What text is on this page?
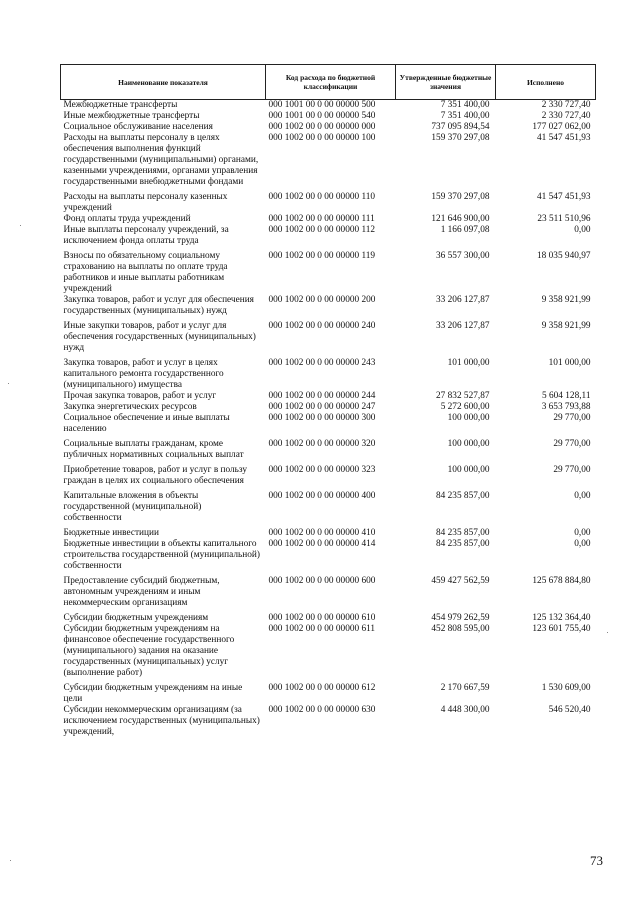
Наименование показателя	Код расхода по бюджетной классификации	Утвержденные бюджетные значения	Исполнено
Межбюджетные трансферты	000 1001 00 0 00 00000 500	7 351 400,00	2 330 727,40
Иные межбюджетные трансферты	000 1001 00 0 00 00000 540	7 351 400,00	2 330 727,40
Социальное обслуживание населения	000 1002 00 0 00 00000 000	737 095 894,54	177 027 062,00
Расходы на выплаты персоналу в целях обеспечения выполнения функций государственными (муниципальными) органами, казенными учреждениями, органами управления государственными внебюджетными фондами	000 1002 00 0 00 00000 100	159 370 297,08	41 547 451,93
Расходы на выплаты персоналу казенных учреждений	000 1002 00 0 00 00000 110	159 370 297,08	41 547 451,93
Фонд оплаты труда учреждений	000 1002 00 0 00 00000 111	121 646 900,00	23 511 510,96
Иные выплаты персоналу учреждений, за исключением фонда оплаты труда	000 1002 00 0 00 00000 112	1 166 097,08	0,00
Взносы по обязательному социальному страхованию на выплаты по оплате труда работников и иные выплаты работникам учреждений	000 1002 00 0 00 00000 119	36 557 300,00	18 035 940,97
Закупка товаров, работ и услуг для обеспечения государственных (муниципальных) нужд	000 1002 00 0 00 00000 200	33 206 127,87	9 358 921,99
Иные закупки товаров, работ и услуг для обеспечения государственных (муниципальных) нужд	000 1002 00 0 00 00000 240	33 206 127,87	9 358 921,99
Закупка товаров, работ и услуг в целях капитального ремонта государственного (муниципального) имущества	000 1002 00 0 00 00000 243	101 000,00	101 000,00
Прочая закупка товаров, работ и услуг	000 1002 00 0 00 00000 244	27 832 527,87	5 604 128,11
Закупка энергетических ресурсов	000 1002 00 0 00 00000 247	5 272 600,00	3 653 793,88
Социальное обеспечение и иные выплаты населению	000 1002 00 0 00 00000 300	100 000,00	29 770,00
Социальные выплаты гражданам, кроме публичных нормативных социальных выплат	000 1002 00 0 00 00000 320	100 000,00	29 770,00
Приобретение товаров, работ и услуг в пользу граждан в целях их социального обеспечения	000 1002 00 0 00 00000 323	100 000,00	29 770,00
Капитальные вложения в объекты государственной (муниципальной) собственности	000 1002 00 0 00 00000 400	84 235 857,00	0,00
Бюджетные инвестиции	000 1002 00 0 00 00000 410	84 235 857,00	0,00
Бюджетные инвестиции в объекты капитального строительства государственной (муниципальной) собственности	000 1002 00 0 00 00000 414	84 235 857,00	0,00
Предоставление субсидий бюджетным, автономным учреждениям и иным некоммерческим организациям	000 1002 00 0 00 00000 600	459 427 562,59	125 678 884,80
Субсидии бюджетным учреждениям	000 1002 00 0 00 00000 610	454 979 262,59	125 132 364,40
Субсидии бюджетным учреждениям на финансовое обеспечение государственного (муниципального) задания на оказание государственных (муниципальных) услуг (выполнение работ)	000 1002 00 0 00 00000 611	452 808 595,00	123 601 755,40
Субсидии бюджетным учреждениям на иные цели	000 1002 00 0 00 00000 612	2 170 667,59	1 530 609,00
Субсидии некоммерческим организациям (за исключением государственных (муниципальных) учреждений,	000 1002 00 0 00 00000 630	4 448 300,00	546 520,40
73
